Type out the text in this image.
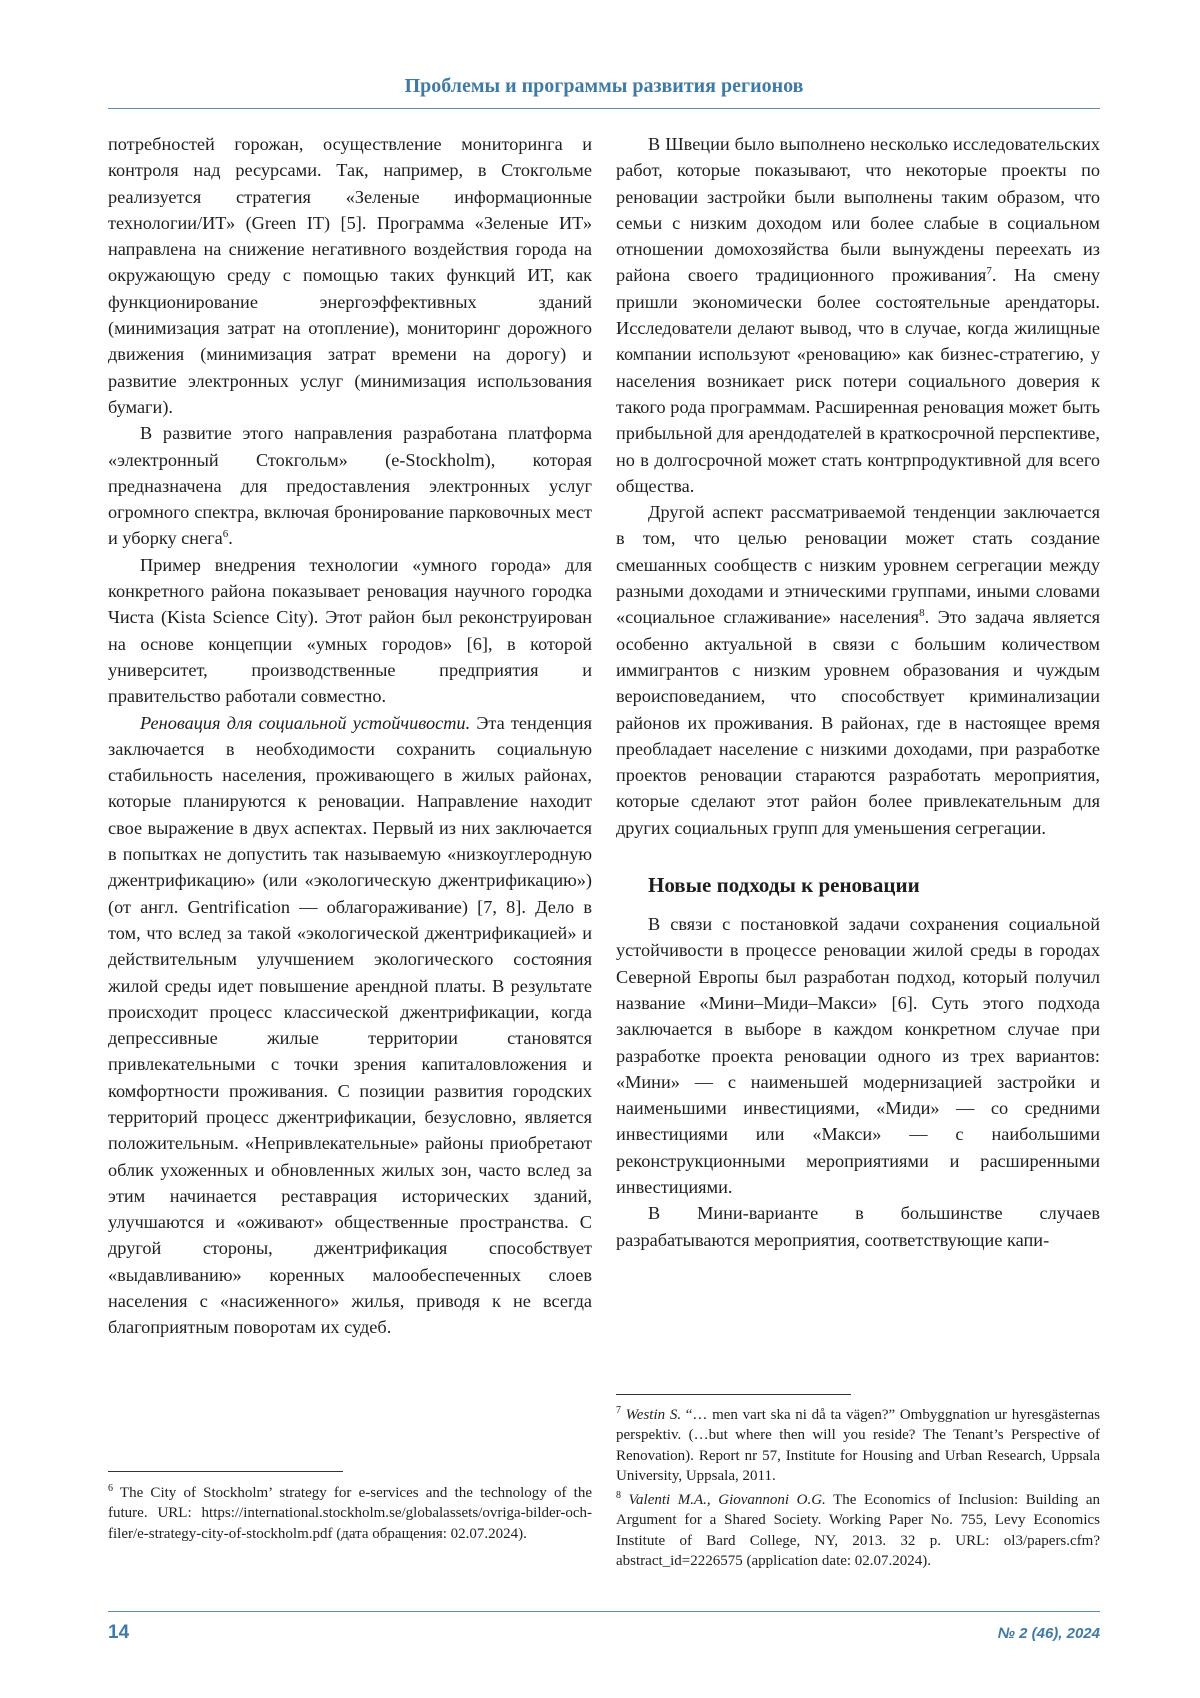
Проблемы и программы развития регионов

потребностей горожан, осуществление мониторинга и контроля над ресурсами. Так, например, в Стокгольме реализуется стратегия «Зеленые информационные технологии/ИТ» (Green IT) [5]. Программа «Зеленые ИТ» направлена на снижение негативного воздействия города на окружающую среду с помощью таких функций ИТ, как функционирование энергоэффективных зданий (минимизация затрат на отопление), мониторинг дорожного движения (минимизация затрат времени на дорогу) и развитие электронных услуг (минимизация использования бумаги).

В развитие этого направления разработана платформа «электронный Стокгольм» (e-Stockholm), которая предназначена для предоставления электронных услуг огромного спектра, включая бронирование парковочных мест и уборку снега$^6$.

Пример внедрения технологии «умного города» для конкретного района показывает реновация научного городка Чиста (Kista Science City). Этот район был реконструирован на основе концепции «умных городов» [6], в которой университет, производственные предприятия и правительство работали совместно.

Реновация для социальной устойчивости. Эта тенденция заключается в необходимости сохранить социальную стабильность населения, проживающего в жилых районах, которые планируются к реновации. Направление находит свое выражение в двух аспектах. Первый из них заключается в попытках не допустить так называемую «низкоуглеродную джентрификацию» (или «экологическую джентрификацию») (от англ. Gentrification — облагораживание) [7, 8]. Дело в том, что вслед за такой «экологической джентрификацией» и действительным улучшением экологического состояния жилой среды идет повышение арендной платы. В результате происходит процесс классической джентрификации, когда депрессивные жилые территории становятся привлекательными с точки зрения капиталовложения и комфортности проживания. С позиции развития городских территорий процесс джентрификации, безусловно, является положительным. «Непривлекательные» районы приобретают облик ухоженных и обновленных жилых зон, часто вслед за этим начинается реставрация исторических зданий, улучшаются и «оживают» общественные пространства. С другой стороны, джентрификация способствует «выдавливанию» коренных малообеспеченных слоев населения с «насиженного» жилья, приводя к не всегда благоприятным поворотам их судеб.

$^6$ The City of Stockholm’ strategy for e-services and the technology of the future. URL: https://international.stockholm.se/globalassets/ovriga-bilder-och-filer/e-strategy-city-of-stockholm.pdf (дата обращения: 02.07.2024).

В Швеции было выполнено несколько исследовательских работ, которые показывают, что некоторые проекты по реновации застройки были выполнены таким образом, что семьи с низким доходом или более слабые в социальном отношении домохозяйства были вынуждены переехать из района своего традиционного проживания$^7$. На смену пришли экономически более состоятельные арендаторы. Исследователи делают вывод, что в случае, когда жилищные компании используют «реновацию» как бизнес-стратегию, у населения возникает риск потери социального доверия к такого рода программам. Расширенная реновация может быть прибыльной для арендодателей в краткосрочной перспективе, но в долгосрочной может стать контрпродуктивной для всего общества.

Другой аспект рассматриваемой тенденции заключается в том, что целью реновации может стать создание смешанных сообществ с низким уровнем сегрегации между разными доходами и этническими группами, иными словами «социальное сглаживание» населения$^8$. Это задача является особенно актуальной в связи с большим количеством иммигрантов с низким уровнем образования и чуждым вероисповеданием, что способствует криминализации районов их проживания. В районах, где в настоящее время преобладает население с низкими доходами, при разработке проектов реновации стараются разработать мероприятия, которые сделают этот район более привлекательным для других социальных групп для уменьшения сегрегации.

Новые подходы к реновации

В связи с постановкой задачи сохранения социальной устойчивости в процессе реновации жилой среды в городах Северной Европы был разработан подход, который получил название «Мини–Миди–Макси» [6]. Суть этого подхода заключается в выборе в каждом конкретном случае при разработке проекта реновации одного из трех вариантов: «Мини» — с наименьшей модернизацией застройки и наименьшими инвестициями, «Миди» — со средними инвестициями или «Макси» — с наибольшими реконструкционными мероприятиями и расширенными инвестициями.

В Мини-варианте в большинстве случаев разрабатываются мероприятия, соответствующие капи-

$^7$ Westin S. “… men vart ska ni då ta vägen?” Ombyggnation ur hyresgästernas perspektiv. (…but where then will you reside? The Tenant’s Perspective of Renovation). Report nr 57, Institute for Housing and Urban Research, Uppsala University, Uppsala, 2011.

$^8$ Valenti M.A., Giovannoni O.G. The Economics of Inclusion: Building an Argument for a Shared Society. Working Paper No. 755, Levy Economics Institute of Bard College, NY, 2013. 32 p. URL: ol3/papers.cfm?abstract_id=2226575 (application date: 02.07.2024).

14	№ 2 (46), 2024
